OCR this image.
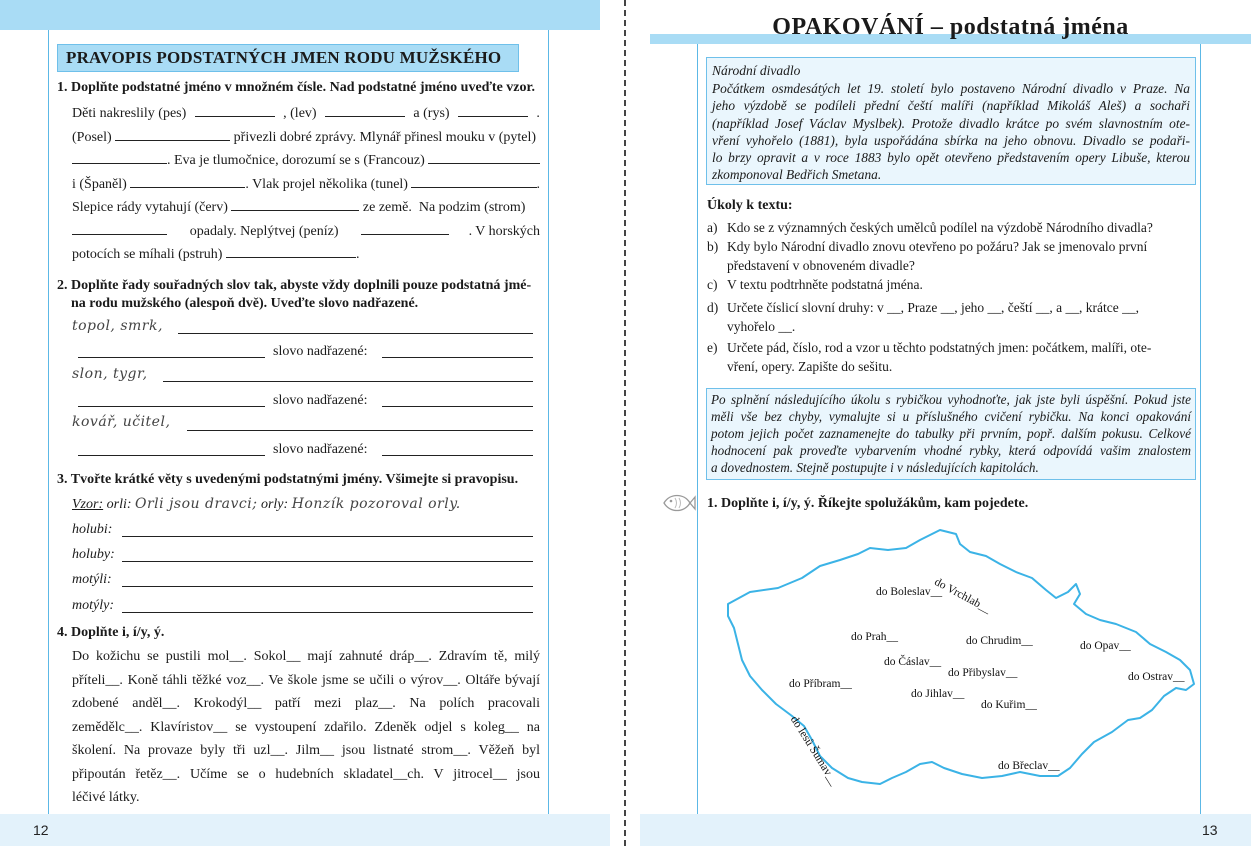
PRAVOPIS PODSTATNÝCH JMEN RODU MUŽSKÉHO
1. Doplňte podstatné jméno v množném čísle. Nad podstatné jméno uveďte vzor.
Děti nakreslily (pes)	, (lev)	a (rys)	.
(Posel)	přivezli dobré zprávy. Mlynář přinesl mouku v (pytel)
. Eva je tlumočnice, dorozumí se s (Francouz)
i (Španěl)	. Vlak projel několika (tunel)	.
Slepice rády vytahují (červ)	ze země.  Na podzim (strom)
opadaly. Neplýtvej (peníz)	. V horských
potocích se míhali (pstruh)	.
2. Doplňte řady souřadných slov tak, abyste vždy doplnili pouze podstatná jmé-
na rodu mužského (alespoň dvě). Uveďte slovo nadřazené.
topol, smrk,
slovo nadřazené:
slon, tygr,
slovo nadřazené:
kovář, učitel,
slovo nadřazené:
3. Tvořte krátké věty s uvedenými podstatnými jmény. Všimejte si pravopisu.
Vzor: orli: Orli jsou dravci; orly: Honzík pozoroval orly.
holubi:
holuby:
motýli:
motýly:
4. Doplňte i, í/y, ý.
Do kožichu se pustili mol__. Sokol__ mají zahnuté dráp__. Zdravím tě, milý
příteli__. Koně táhli těžké voz__. Ve škole jsme se učili o výrov__. Oltáře bývají
zdobené anděl__. Krokodýl__ patří mezi plaz__. Na polích pracovali
zemědělc__. Klavíristov__ se vystoupení zdařilo. Zdeněk odjel s koleg__ na
školení. Na provaze byly tři uzl__. Jilm__ jsou listnaté strom__. Věžeň byl
připoután řetěz__. Učíme se o hudebních skladatel__ch. V jitrocel__ jsou
léčivé látky.
12
OPAKOVÁNÍ – podstatná jména
Národní divadlo
Počátkem osmdesátých let 19. století bylo postaveno Národní divadlo v Praze. Na
jeho výzdobě se podíleli přední čeští malíři (například Mikoláš Aleš) a sochaři
(například Josef Václav Myslbek). Protože divadlo krátce po svém slavnostním ote-
vření vyhořelo (1881), byla uspořádána sbírka na jeho obnovu. Divadlo se podaři-
lo brzy opravit a v roce 1883 bylo opět otevřeno představením opery Libuše, kterou
zkomponoval Bedřich Smetana.
Úkoly k textu:
a) Kdo se z významných českých umělců podílel na výzdobě Národního divadla?
b) Kdy bylo Národní divadlo znovu otevřeno po požáru? Jak se jmenovalo první
představení v obnoveném divadle?
c) V textu podtrhněte podstatná jména.
d) Určete číslicí slovní druhy: v __, Praze __, jeho __, čeští __, a __, krátce __,
vyhořelo __.
e) Určete pád, číslo, rod a vzor u těchto podstatných jmen: počátkem, malíři, ote-
vření, opery. Zapište do sešitu.
Po splnění následujícího úkolu s rybičkou vyhodnoťte, jak jste byli úspěšní. Pokud jste
měli vše bez chyby, vymalujte si u příslušného cvičení rybičku. Na konci opakování
potom jejich počet zaznamenejte do tabulky při prvním, popř. dalším pokusu. Celkové
hodnocení pak proveďte vybarvením vhodné rybky, která odpovídá vašim znalostem
a dovednostem. Stejně postupujte i v následujících kapitolách.
1. Doplňte i, í/y, ý. Říkejte spolužákům, kam pojedete.
do Vrchlab__
do Boleslav__
do Prah__	do Chrudim__	do Opav__
do Čáslav__
do Přibyslav__
do Příbram__
do Jihlav__
do Ostrav__
do Kuřim__
do lesů Šumav__	do Břeclav__
13
